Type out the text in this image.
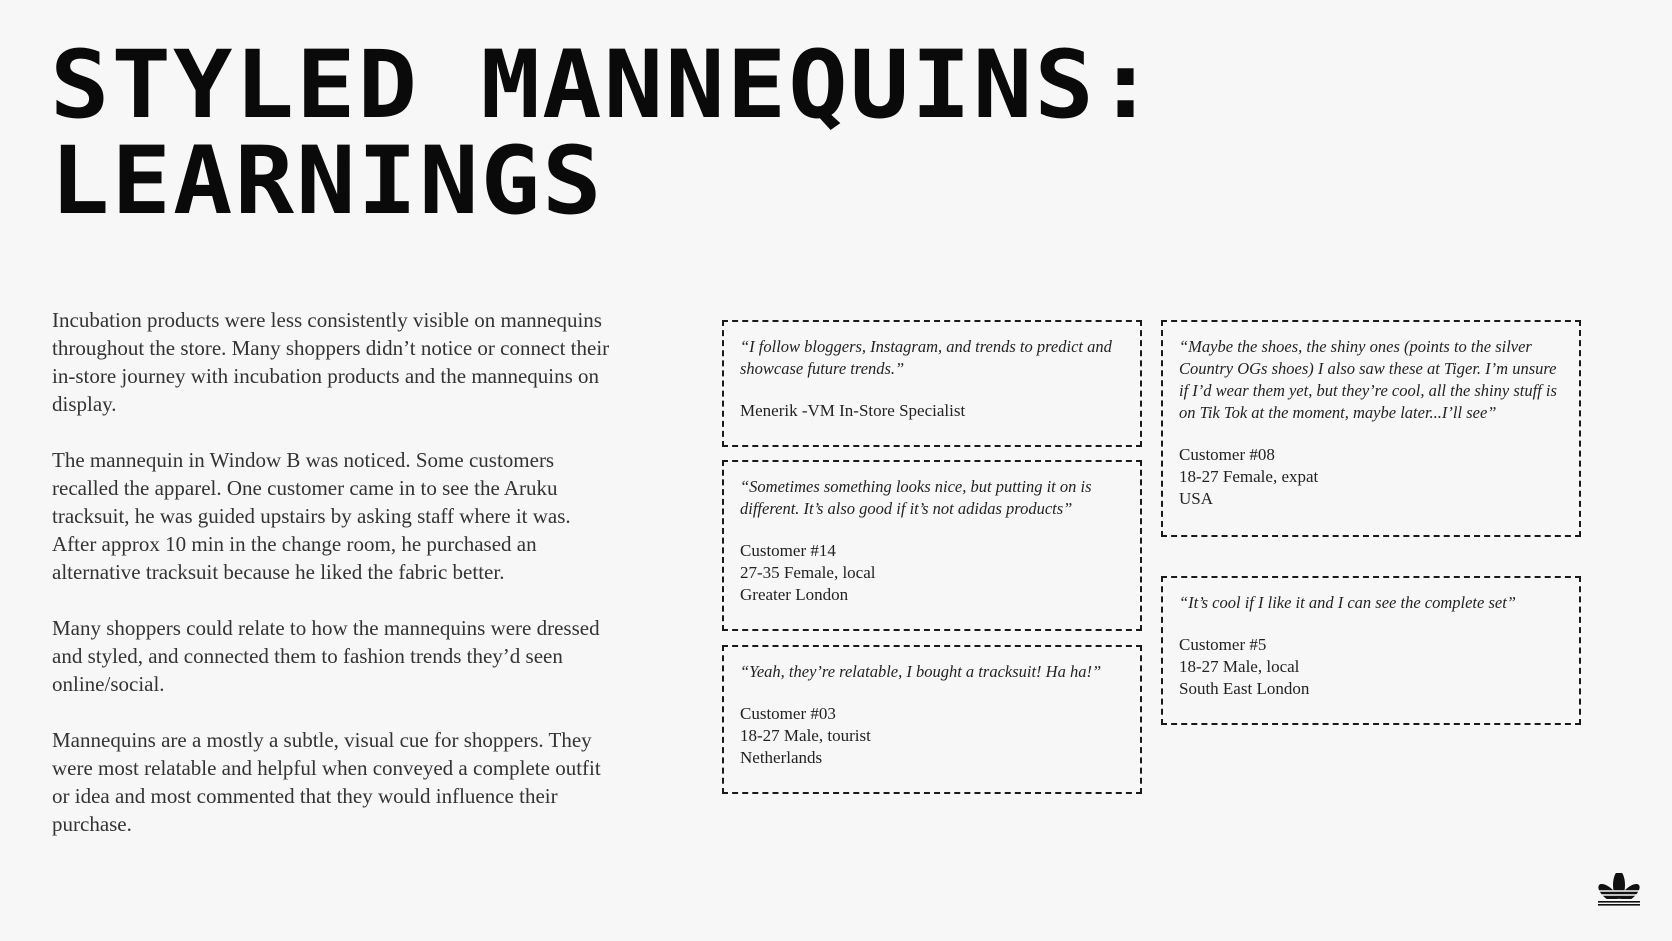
STYLED MANNEQUINS:
LEARNINGS

Incubation products were less consistently visible on mannequins throughout the store. Many shoppers didn’t notice or connect their in-store journey with incubation products and the mannequins on display.

The mannequin in Window B was noticed. Some customers recalled the apparel. One customer came in to see the Aruku tracksuit, he was guided upstairs by asking staff where it was. After approx 10 min in the change room, he purchased an alternative tracksuit because he liked the fabric better.

Many shoppers could relate to how the mannequins were dressed and styled, and connected them to fashion trends they’d seen online/social.

Mannequins are a mostly a subtle, visual cue for shoppers. They were most relatable and helpful when conveyed a complete outfit or idea and most commented that they would influence their purchase.

“I follow bloggers, Instagram, and trends to predict and showcase future trends.”

Menerik -VM In-Store Specialist

“Sometimes something looks nice, but putting it on is different. It’s also good if it’s not adidas products”

Customer #14

27-35 Female, local

Greater London

“Yeah, they’re relatable, I bought a tracksuit! Ha ha!”

Customer #03

18-27 Male, tourist

Netherlands

“Maybe the shoes, the shiny ones (points to the silver Country OGs shoes) I also saw these at Tiger. I’m unsure if I’d wear them yet, but they’re cool, all the shiny stuff is on Tik Tok at the moment, maybe later...I’ll see”

Customer #08

18-27 Female, expat

USA

“It’s cool if I like it and I can see the complete set”

Customer #5

18-27 Male, local

South East London
